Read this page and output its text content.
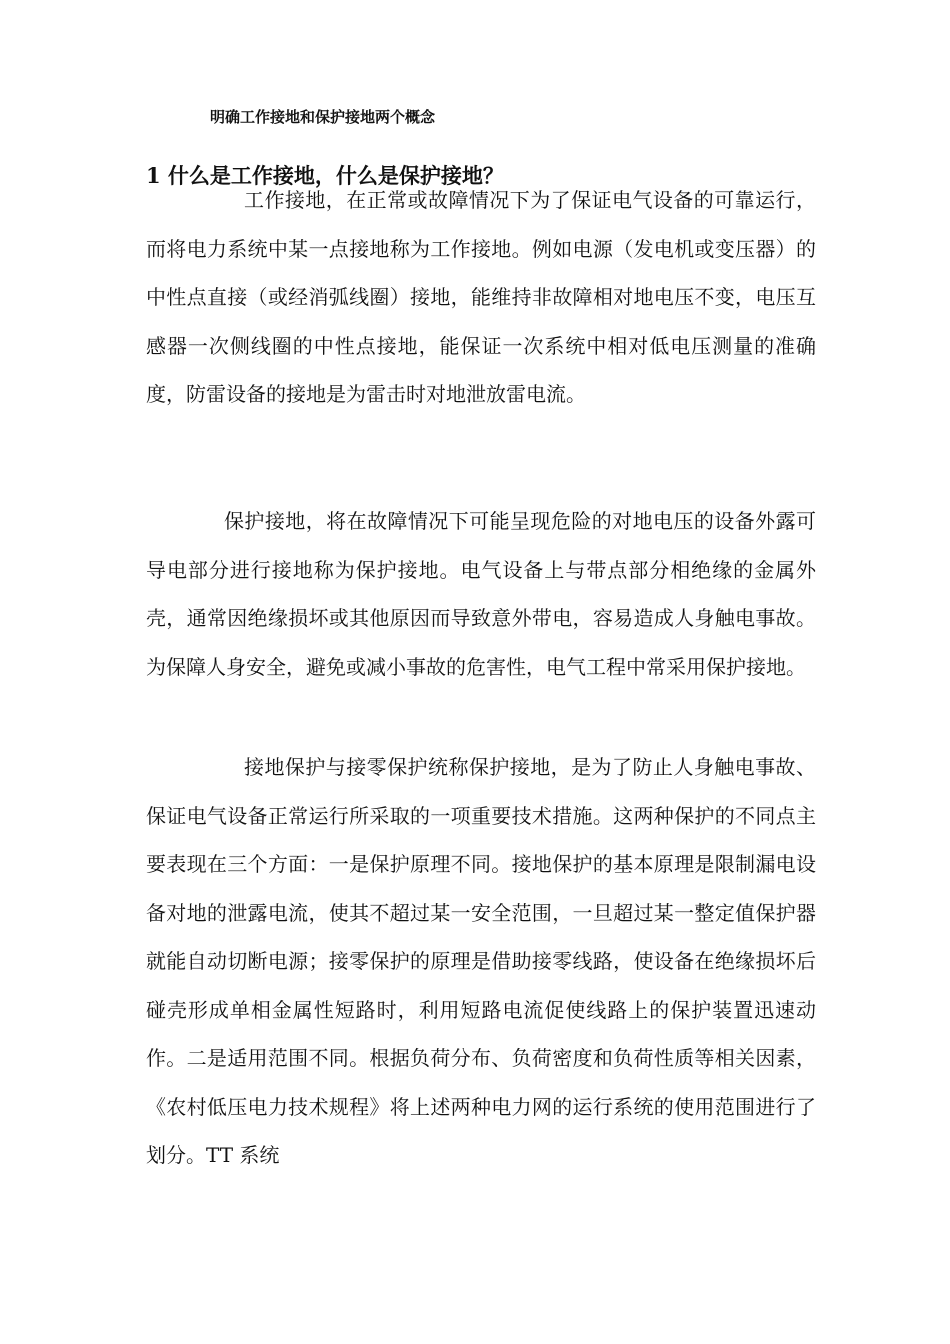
明确工作接地和保护接地两个概念
1 什么是工作接地，什么是保护接地？

工作接地，在正常或故障情况下为了保证电气设备的可靠运行，而将电力系统中某一点接地称为工作接地。例如电源（发电机或变压器）的中性点直接（或经消弧线圈）接地，能维持非故障相对地电压不变，电压互感器一次侧线圈的中性点接地，能保证一次系统中相对低电压测量的准确度，防雷设备的接地是为雷击时对地泄放雷电流。

保护接地，将在故障情况下可能呈现危险的对地电压的设备外露可导电部分进行接地称为保护接地。电气设备上与带点部分相绝缘的金属外壳，通常因绝缘损坏或其他原因而导致意外带电，容易造成人身触电事故。为保障人身安全，避免或减小事故的危害性，电气工程中常采用保护接地。

接地保护与接零保护统称保护接地，是为了防止人身触电事故、保证电气设备正常运行所采取的一项重要技术措施。这两种保护的不同点主要表现在三个方面：一是保护原理不同。接地保护的基本原理是限制漏电设备对地的泄露电流，使其不超过某一安全范围，一旦超过某一整定值保护器就能自动切断电源；接零保护的原理是借助接零线路，使设备在绝缘损坏后碰壳形成单相金属性短路时，利用短路电流促使线路上的保护装置迅速动作。二是适用范围不同。根据负荷分布、负荷密度和负荷性质等相关因素，《农村低压电力技术规程》将上述两种电力网的运行系统的使用范围进行了划分。TT 系统
